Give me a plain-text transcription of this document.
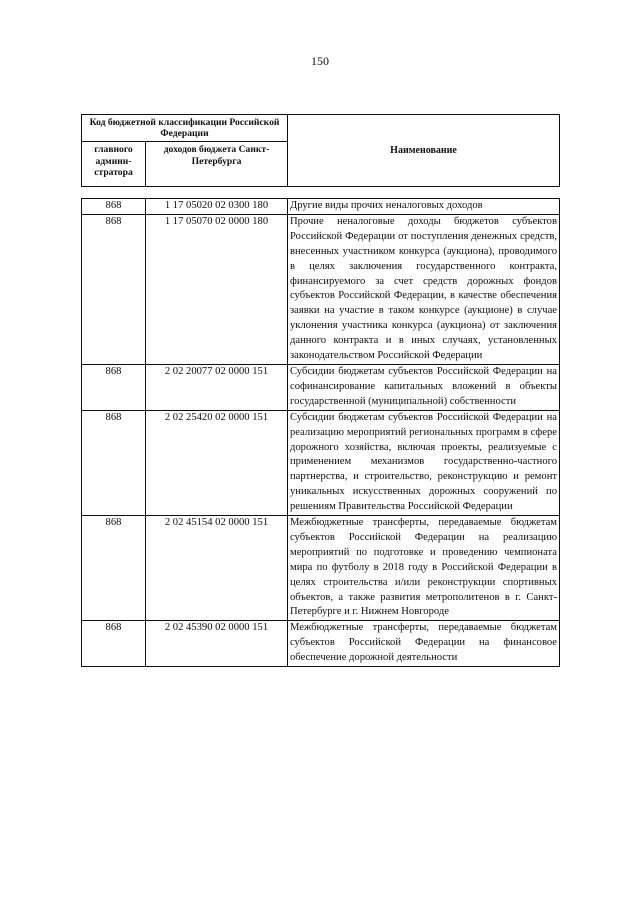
150
Код бюджетной классификации Российской Федерации		Наименование
главного админи-стратора	доходов бюджета Санкт-Петербурга	
868	1 17 05020 02 0300 180	Другие виды прочих неналоговых доходов
868	1 17 05070 02 0000 180	Прочие неналоговые доходы бюджетов субъектов Российской Федерации от поступления денежных средств, внесенных участником конкурса (аукциона), проводимого в целях заключения государственного контракта, финансируемого за счет средств дорожных фондов субъектов Российской Федерации, в качестве обеспечения заявки на участие в таком конкурсе (аукционе) в случае уклонения участника конкурса (аукциона) от заключения данного контракта и в иных случаях, установленных законодательством Российской Федерации
868	2 02 20077 02 0000 151	Субсидии бюджетам субъектов Российской Федерации на софинансирование капитальных вложений в объекты государственной (муниципальной) собственности
868	2 02 25420 02 0000 151	Субсидии бюджетам субъектов Российской Федерации на реализацию мероприятий региональных программ в сфере дорожного хозяйства, включая проекты, реализуемые с применением механизмов государственно-частного партнерства, и строительство, реконструкцию и ремонт уникальных искусственных дорожных сооружений по решениям Правительства Российской Федерации
868	2 02 45154 02 0000 151	Межбюджетные трансферты, передаваемые бюджетам субъектов Российской Федерации на реализацию мероприятий по подготовке и проведению чемпионата мира по футболу в 2018 году в Российской Федерации в целях строительства и/или реконструкции спортивных объектов, а также развития метрополитенов в г. Санкт-Петербурге и г. Нижнем Новгороде
868	2 02 45390 02 0000 151	Межбюджетные трансферты, передаваемые бюджетам субъектов Российской Федерации на финансовое обеспечение дорожной деятельности
